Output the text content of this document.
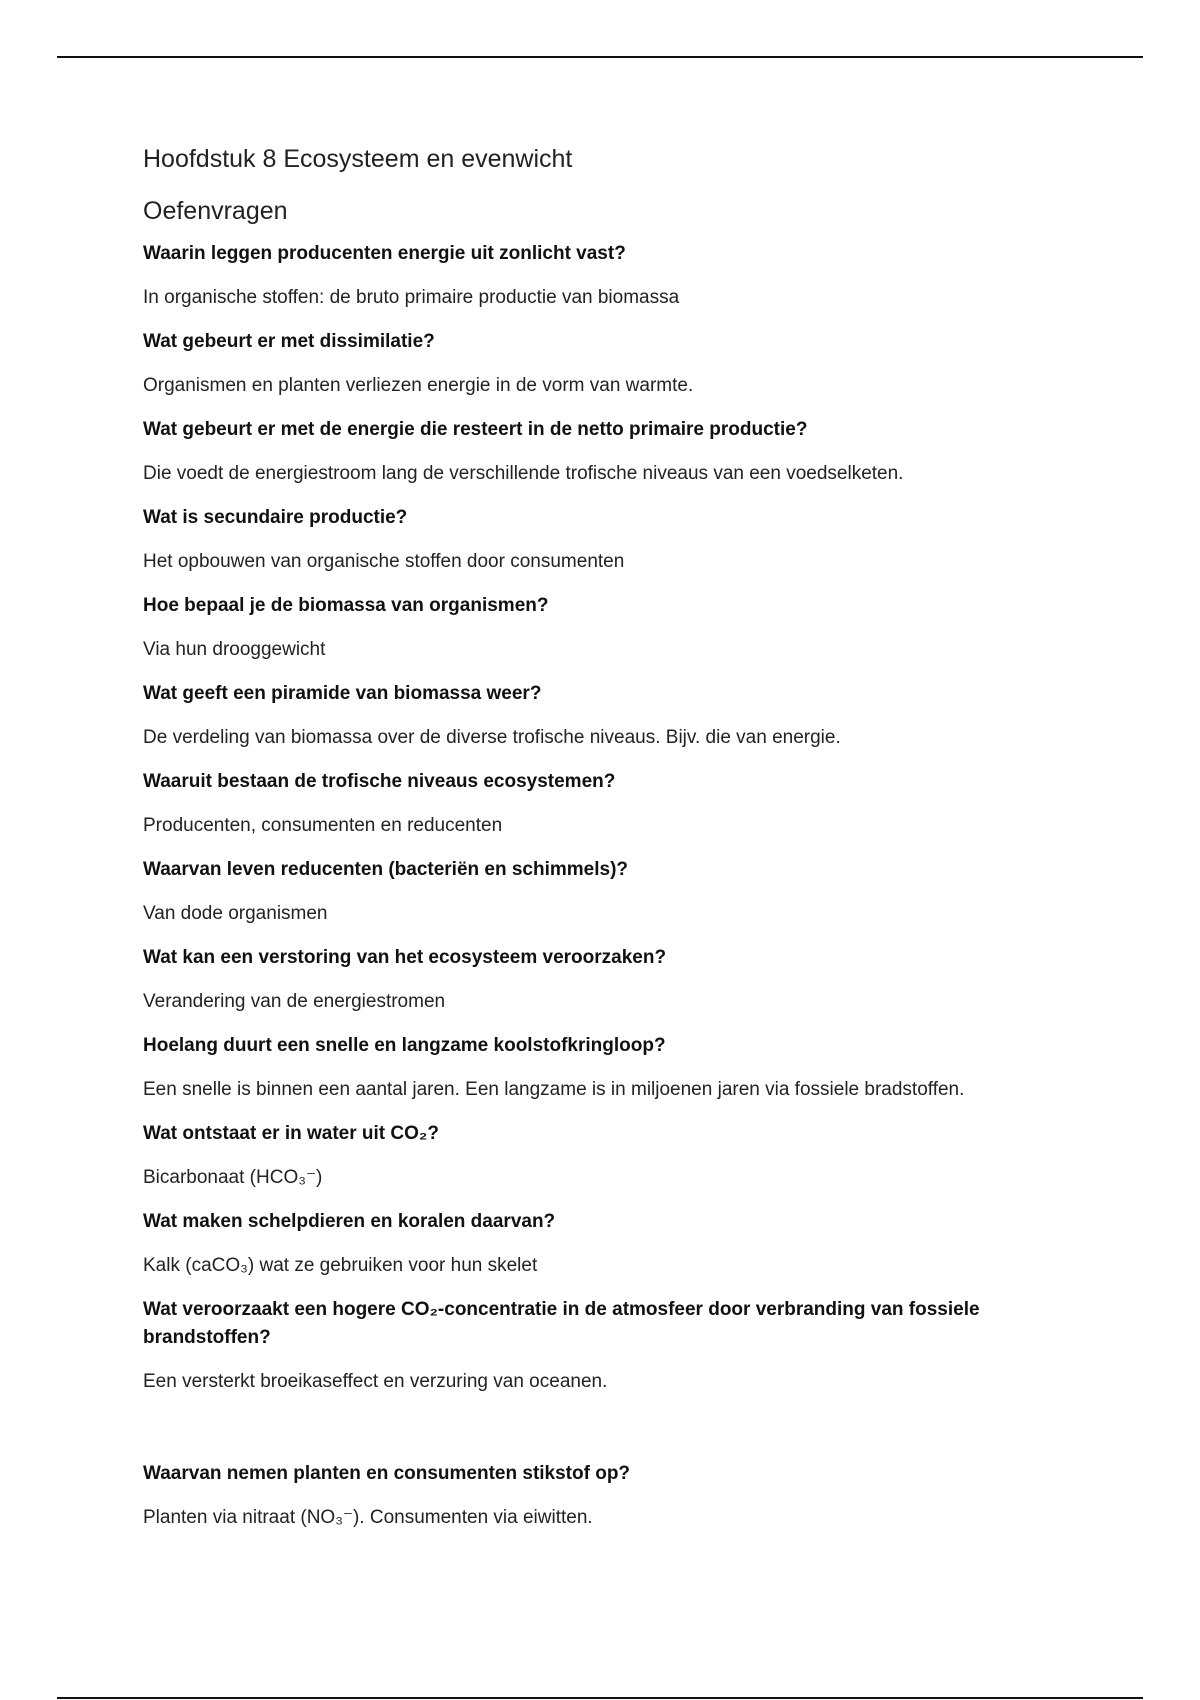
Hoofdstuk 8 Ecosysteem en evenwicht
Oefenvragen

Waarin leggen producenten energie uit zonlicht vast?

In organische stoffen: de bruto primaire productie van biomassa

Wat gebeurt er met dissimilatie?

Organismen en planten verliezen energie in de vorm van warmte.

Wat gebeurt er met de energie die resteert in de netto primaire productie?

Die voedt de energiestroom lang de verschillende trofische niveaus van een voedselketen.

Wat is secundaire productie?

Het opbouwen van organische stoffen door consumenten

Hoe bepaal je de biomassa van organismen?

Via hun drooggewicht

Wat geeft een piramide van biomassa weer?

De verdeling van biomassa over de diverse trofische niveaus. Bijv. die van energie.

Waaruit bestaan de trofische niveaus ecosystemen?

Producenten, consumenten en reducenten

Waarvan leven reducenten (bacteriën en schimmels)?

Van dode organismen

Wat kan een verstoring van het ecosysteem veroorzaken?

Verandering van de energiestromen

Hoelang duurt een snelle en langzame koolstofkringloop?

Een snelle is binnen een aantal jaren. Een langzame is in miljoenen jaren via fossiele bradstoffen.

Wat ontstaat er in water uit CO₂?

Bicarbonaat (HCO₃⁻)

Wat maken schelpdieren en koralen daarvan?

Kalk (caCO₃) wat ze gebruiken voor hun skelet

Wat veroorzaakt een hogere CO₂-concentratie in de atmosfeer door verbranding van fossiele brandstoffen?

Een versterkt broeikaseffect en verzuring van oceanen.

Waarvan nemen planten en consumenten stikstof op?

Planten via nitraat (NO₃⁻). Consumenten via eiwitten.
